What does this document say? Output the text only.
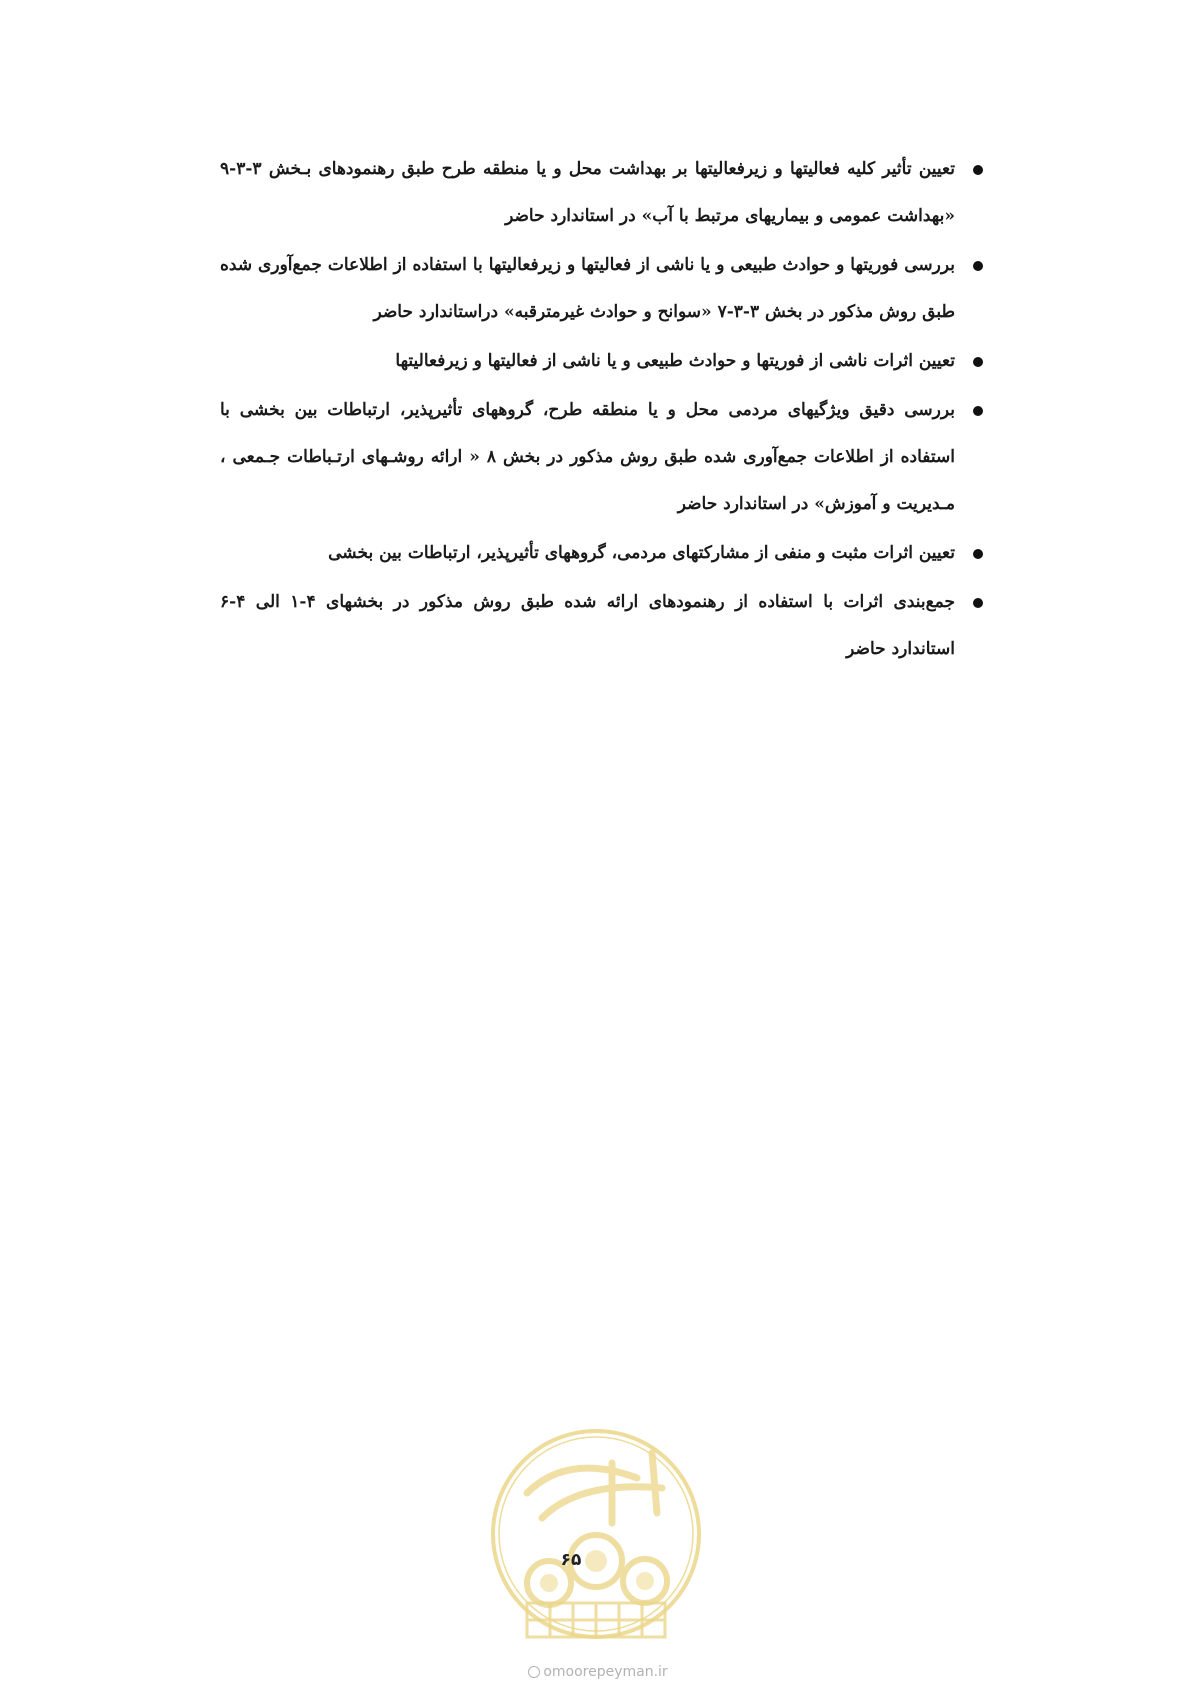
تعیین تأثیر کلیه فعالیتها و زیرفعالیتها بر بهداشت محل و یا منطقه طرح طبق رهنمودهای بـخش ۳-۳-۹ «بهداشت عمومی و بیماریهای مرتبط با آب» در استاندارد حاضر
بررسی فوریتها و حوادث طبیعی و یا ناشی از فعالیتها و زیرفعالیتها با استفاده از اطلاعات جمع‌آوری شده طبق روش مذکور در بخش ۳-۳-۷ «سوانح و حوادث غیرمترقبه» دراستاندارد حاضر
تعیین اثرات ناشی از فوریتها و حوادث طبیعی و یا ناشی از فعالیتها و زیرفعالیتها
بررسی دقیق ویژگیهای مردمی محل و یا منطقه طرح، گروههای تأثیرپذیر، ارتباطات بین بخشی با استفاده از اطلاعات جمع‌آوری شده طبق روش مذکور در بخش ۸ « ارائه روشـهای ارتـباطات جـمعی ، مـدیریت و آموزش» در استاندارد حاضر
تعیین اثرات مثبت و منفی از مشارکتهای مردمی، گروههای تأثیرپذیر، ارتباطات بین بخشی
جمع‌بندی اثرات با استفاده از رهنمودهای ارائه شده طبق روش مذکور در بخشهای ۴-۱ الی ۴-۶ استاندارد حاضر
۶۵
omoorepeyman.ir
